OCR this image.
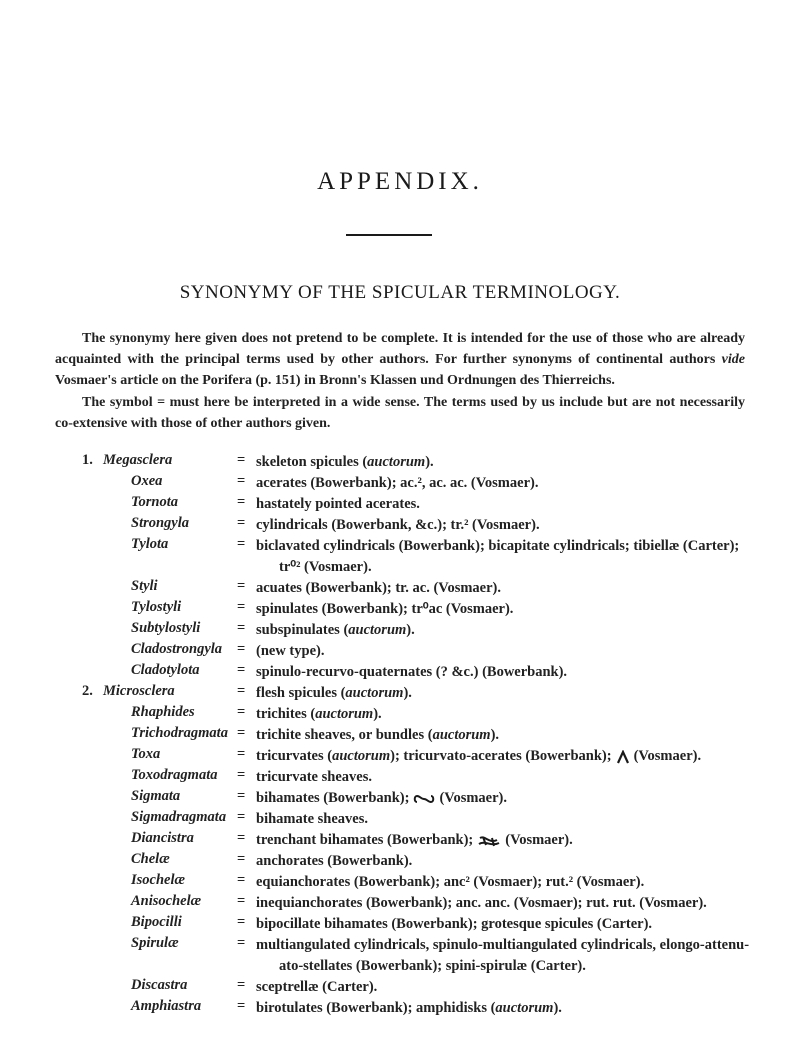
APPENDIX.
SYNONYMY OF THE SPICULAR TERMINOLOGY.
The synonymy here given does not pretend to be complete. It is intended for the use of those who are already acquainted with the principal terms used by other authors. For further synonyms of continental authors vide Vosmaer's article on the Porifera (p. 151) in Bronn's Klassen und Ordnungen des Thierreichs.
The symbol = must here be interpreted in a wide sense. The terms used by us include but are not necessarily co-extensive with those of other authors given.
1. Megasclera	= skeleton spicules (auctorum).
Oxea	= acerates (Bowerbank); ac.², ac. ac. (Vosmaer).
Tornota	= hastately pointed acerates.
Strongyla	= cylindricals (Bowerbank, &c.); tr.² (Vosmaer).
Tylota	= biclavated cylindricals (Bowerbank); bicapitate cylindricals; tibiellæ (Carter);
tr⁰² (Vosmaer).
Styli	= acuates (Bowerbank); tr. ac. (Vosmaer).
Tylostyli	= spinulates (Bowerbank); tr⁰ac (Vosmaer).
Subtylostyli	= subspinulates (auctorum).
Cladostrongyla = (new type).
Cladotylota	= spinulo-recurvo-quaternates (? &c.) (Bowerbank).
2. Microsclera	= flesh spicules (auctorum).
Rhaphides	= trichites (auctorum).
Trichodragmata = trichite sheaves, or bundles (auctorum).
Toxa	= tricurvates (auctorum); tricurvato-acerates (Bowerbank); (Vosmaer).
Toxodragmata = tricurvate sheaves.
Sigmata	= bihamates (Bowerbank); (Vosmaer).
Sigmadragmata = bihamate sheaves.
Diancistra	= trenchant bihamates (Bowerbank); (Vosmaer).
Chelæ	= anchorates (Bowerbank).
Isochelæ	= equianchorates (Bowerbank); anc² (Vosmaer); rut.² (Vosmaer).
Anisochelæ = inequianchorates (Bowerbank); anc. anc. (Vosmaer); rut. rut. (Vosmaer).
Bipocilli	= bipocillate bihamates (Bowerbank); grotesque spicules (Carter).
Spirulæ	= multiangulated cylindricals, spinulo-multiangulated cylindricals, elongo-attenu-
ato-stellates (Bowerbank); spini-spirulæ (Carter).
Discastra	= sceptrellæ (Carter).
Amphiastra = birotulates (Bowerbank); amphidisks (auctorum).
